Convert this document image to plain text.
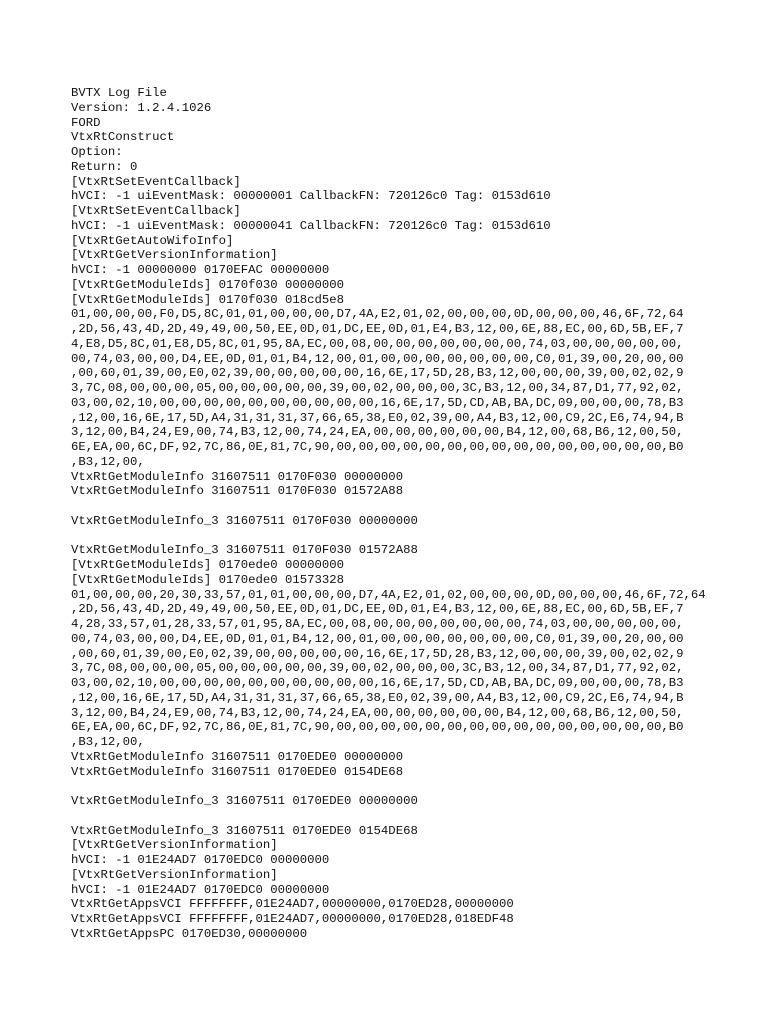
BVTX Log File
Version: 1.2.4.1026
FORD
VtxRtConstruct
Option:
Return: 0
[VtxRtSetEventCallback]
hVCI: -1 uiEventMask: 00000001 CallbackFN: 720126c0 Tag: 0153d610
[VtxRtSetEventCallback]
hVCI: -1 uiEventMask: 00000041 CallbackFN: 720126c0 Tag: 0153d610
[VtxRtGetAutoWifoInfo]
[VtxRtGetVersionInformation]
hVCI: -1 00000000 0170EFAC 00000000
[VtxRtGetModuleIds] 0170f030 00000000
[VtxRtGetModuleIds] 0170f030 018cd5e8
01,00,00,00,F0,D5,8C,01,01,00,00,00,D7,4A,E2,01,02,00,00,00,0D,00,00,00,46,6F,72,64
,2D,56,43,4D,2D,49,49,00,50,EE,0D,01,DC,EE,0D,01,E4,B3,12,00,6E,88,EC,00,6D,5B,EF,7
4,E8,D5,8C,01,E8,D5,8C,01,95,8A,EC,00,08,00,00,00,00,00,00,00,74,03,00,00,00,00,00,
00,74,03,00,00,D4,EE,0D,01,01,B4,12,00,01,00,00,00,00,00,00,00,C0,01,39,00,20,00,00
,00,60,01,39,00,E0,02,39,00,00,00,00,00,16,6E,17,5D,28,B3,12,00,00,00,39,00,02,02,9
3,7C,08,00,00,00,05,00,00,00,00,00,39,00,02,00,00,00,3C,B3,12,00,34,87,D1,77,92,02,
03,00,02,10,00,00,00,00,00,00,00,00,00,00,16,6E,17,5D,CD,AB,BA,DC,09,00,00,00,78,B3
,12,00,16,6E,17,5D,A4,31,31,31,37,66,65,38,E0,02,39,00,A4,B3,12,00,C9,2C,E6,74,94,B
3,12,00,B4,24,E9,00,74,B3,12,00,74,24,EA,00,00,00,00,00,00,B4,12,00,68,B6,12,00,50,
6E,EA,00,6C,DF,92,7C,86,0E,81,7C,90,00,00,00,00,00,00,00,00,00,00,00,00,00,00,00,B0
,B3,12,00,
VtxRtGetModuleInfo 31607511 0170F030 00000000
VtxRtGetModuleInfo 31607511 0170F030 01572A88
VtxRtGetModuleInfo_3 31607511 0170F030 00000000
VtxRtGetModuleInfo_3 31607511 0170F030 01572A88
[VtxRtGetModuleIds] 0170ede0 00000000
[VtxRtGetModuleIds] 0170ede0 01573328
01,00,00,00,20,30,33,57,01,01,00,00,00,D7,4A,E2,01,02,00,00,00,0D,00,00,00,46,6F,72,64
,2D,56,43,4D,2D,49,49,00,50,EE,0D,01,DC,EE,0D,01,E4,B3,12,00,6E,88,EC,00,6D,5B,EF,7
4,28,33,57,01,28,33,57,01,95,8A,EC,00,08,00,00,00,00,00,00,00,74,03,00,00,00,00,00,
00,74,03,00,00,D4,EE,0D,01,01,B4,12,00,01,00,00,00,00,00,00,00,C0,01,39,00,20,00,00
,00,60,01,39,00,E0,02,39,00,00,00,00,00,16,6E,17,5D,28,B3,12,00,00,00,39,00,02,02,9
3,7C,08,00,00,00,05,00,00,00,00,00,39,00,02,00,00,00,3C,B3,12,00,34,87,D1,77,92,02,
03,00,02,10,00,00,00,00,00,00,00,00,00,00,16,6E,17,5D,CD,AB,BA,DC,09,00,00,00,78,B3
,12,00,16,6E,17,5D,A4,31,31,31,37,66,65,38,E0,02,39,00,A4,B3,12,00,C9,2C,E6,74,94,B
3,12,00,B4,24,E9,00,74,B3,12,00,74,24,EA,00,00,00,00,00,00,B4,12,00,68,B6,12,00,50,
6E,EA,00,6C,DF,92,7C,86,0E,81,7C,90,00,00,00,00,00,00,00,00,00,00,00,00,00,00,00,B0
,B3,12,00,
VtxRtGetModuleInfo 31607511 0170EDE0 00000000
VtxRtGetModuleInfo 31607511 0170EDE0 0154DE68
VtxRtGetModuleInfo_3 31607511 0170EDE0 00000000
VtxRtGetModuleInfo_3 31607511 0170EDE0 0154DE68
[VtxRtGetVersionInformation]
hVCI: -1 01E24AD7 0170EDC0 00000000
[VtxRtGetVersionInformation]
hVCI: -1 01E24AD7 0170EDC0 00000000
VtxRtGetAppsVCI FFFFFFFF,01E24AD7,00000000,0170ED28,00000000
VtxRtGetAppsVCI FFFFFFFF,01E24AD7,00000000,0170ED28,018EDF48
VtxRtGetAppsPC 0170ED30,00000000
